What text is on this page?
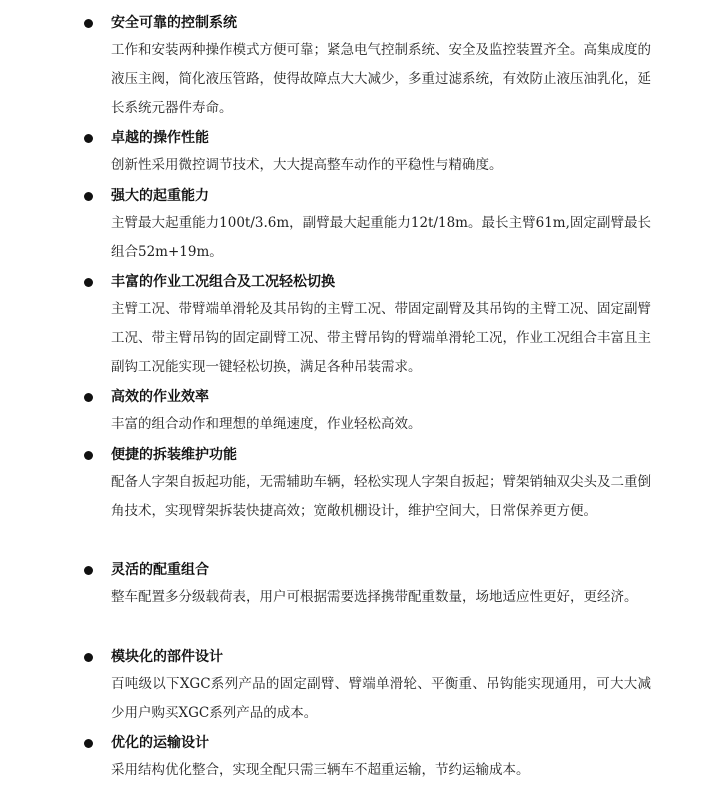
安全可靠的控制系统
工作和安装两种操作模式方便可靠；紧急电气控制系统、安全及监控装置齐全。高集成度的液压主阀，简化液压管路，使得故障点大大减少，多重过滤系统，有效防止液压油乳化，延长系统元器件寿命。
卓越的操作性能
创新性采用微控调节技术，大大提高整车动作的平稳性与精确度。
强大的起重能力
主臂最大起重能力100t/3.6m，副臂最大起重能力12t/18m。最长主臂61m,固定副臂最长组合52m+19m。
丰富的作业工况组合及工况轻松切换
主臂工况、带臂端单滑轮及其吊钩的主臂工况、带固定副臂及其吊钩的主臂工况、固定副臂工况、带主臂吊钩的固定副臂工况、带主臂吊钩的臂端单滑轮工况，作业工况组合丰富且主副钩工况能实现一键轻松切换，满足各种吊装需求。
高效的作业效率
丰富的组合动作和理想的单绳速度，作业轻松高效。
便捷的拆装维护功能
配备人字架自扳起功能，无需辅助车辆，轻松实现人字架自扳起；臂架销轴双尖头及二重倒角技术，实现臂架拆装快捷高效；宽敞机棚设计，维护空间大，日常保养更方便。
灵活的配重组合
整车配置多分级载荷表，用户可根据需要选择携带配重数量，场地适应性更好，更经济。
模块化的部件设计
百吨级以下XGC系列产品的固定副臂、臂端单滑轮、平衡重、吊钩能实现通用，可大大减少用户购买XGC系列产品的成本。
优化的运输设计
采用结构优化整合，实现全配只需三辆车不超重运输，节约运输成本。
